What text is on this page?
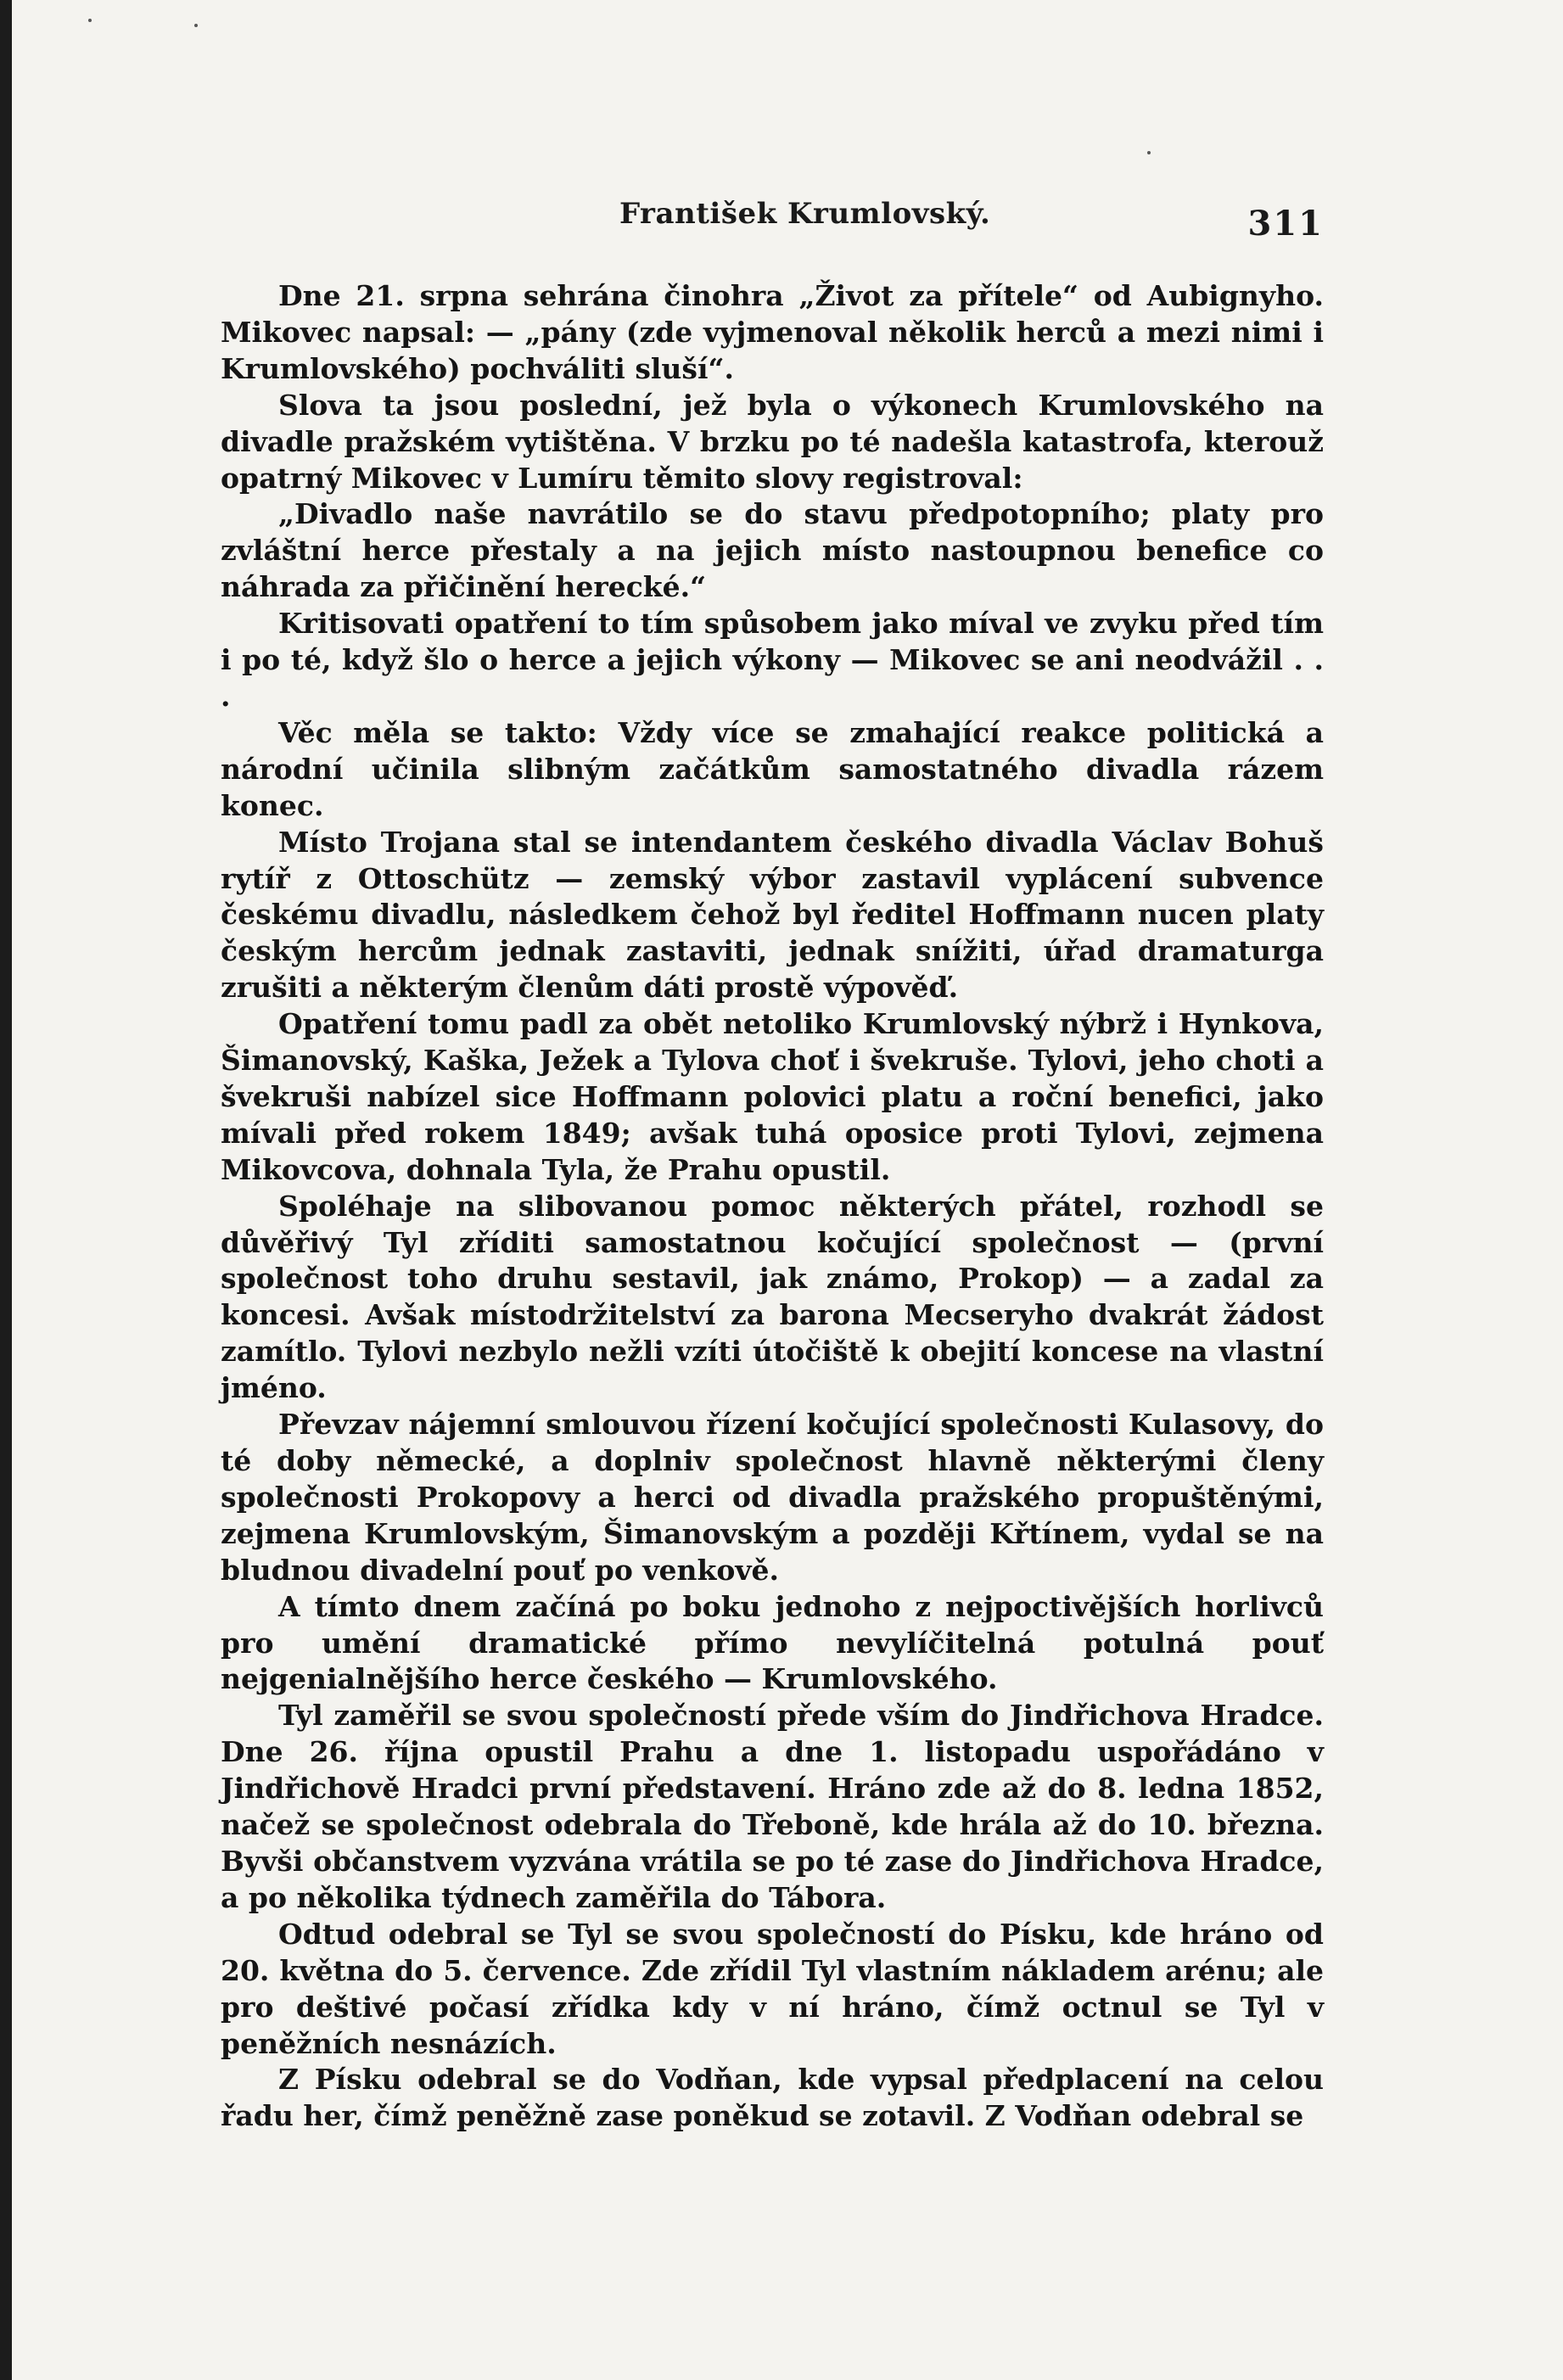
František Krumlovský.	311

Dne 21. srpna sehrána činohra „Život za přítele“ od Aubignyho. Mikovec napsal: — „pány (zde vyjmenoval několik herců a mezi nimi i Krumlovského) pochváliti sluší“.

Slova ta jsou poslední, jež byla o výkonech Krumlovského na divadle pražském vytištěna. V brzku po té nadešla katastrofa, kterouž opatrný Mikovec v Lumíru těmito slovy registroval:

„Divadlo naše navrátilo se do stavu předpotopního; platy pro zvláštní herce přestaly a na jejich místo nastoupnou benefice co náhrada za přičinění herecké.“

Kritisovati opatření to tím spůsobem jako míval ve zvyku před tím i po té, když šlo o herce a jejich výkony — Mikovec se ani neodvážil . . .

Věc měla se takto: Vždy více se zmahající reakce politická a národní učinila slibným začátkům samostatného divadla rázem konec.

Místo Trojana stal se intendantem českého divadla Václav Bohuš rytíř z Ottoschütz — zemský výbor zastavil vyplácení subvence českému divadlu, následkem čehož byl ředitel Hoffmann nucen platy českým hercům jednak zastaviti, jednak snížiti, úřad dramaturga zrušiti a některým členům dáti prostě výpověď.

Opatření tomu padl za obět netoliko Krumlovský nýbrž i Hynkova, Šimanovský, Kaška, Ježek a Tylova choť i švekruše. Tylovi, jeho choti a švekruši nabízel sice Hoffmann polovici platu a roční benefici, jako mívali před rokem 1849; avšak tuhá oposice proti Tylovi, zejmena Mikovcova, dohnala Tyla, že Prahu opustil.

Spoléhaje na slibovanou pomoc některých přátel, rozhodl se důvěřivý Tyl zříditi samostatnou kočující společnost — (první společnost toho druhu sestavil, jak známo, Prokop) — a zadal za koncesi. Avšak místodržitelství za barona Mecseryho dvakrát žádost zamítlo. Tylovi nezbylo nežli vzíti útočiště k obejití koncese na vlastní jméno.

Převzav nájemní smlouvou řízení kočující společnosti Kulasovy, do té doby německé, a doplniv společnost hlavně některými členy společnosti Prokopovy a herci od divadla pražského propuštěnými, zejmena Krumlovským, Šimanovským a později Křtínem, vydal se na bludnou divadelní pouť po venkově.

A tímto dnem začíná po boku jednoho z nejpoctivějších horlivců pro umění dramatické přímo nevylíčitelná potulná pouť nejgenialnějšího herce českého — Krumlovského.

Tyl zaměřil se svou společností přede vším do Jindřichova Hradce. Dne 26. října opustil Prahu a dne 1. listopadu uspořádáno v Jindřichově Hradci první představení. Hráno zde až do 8. ledna 1852, načež se společnost odebrala do Třeboně, kde hrála až do 10. března. Byvši občanstvem vyzvána vrátila se po té zase do Jindřichova Hradce, a po několika týdnech zaměřila do Tábora.

Odtud odebral se Tyl se svou společností do Písku, kde hráno od 20. května do 5. července. Zde zřídil Tyl vlastním nákladem arénu; ale pro deštivé počasí zřídka kdy v ní hráno, čímž octnul se Tyl v peněžních nesnázích.

Z Písku odebral se do Vodňan, kde vypsal předplacení na celou řadu her, čímž peněžně zase poněkud se zotavil. Z Vodňan odebral se
